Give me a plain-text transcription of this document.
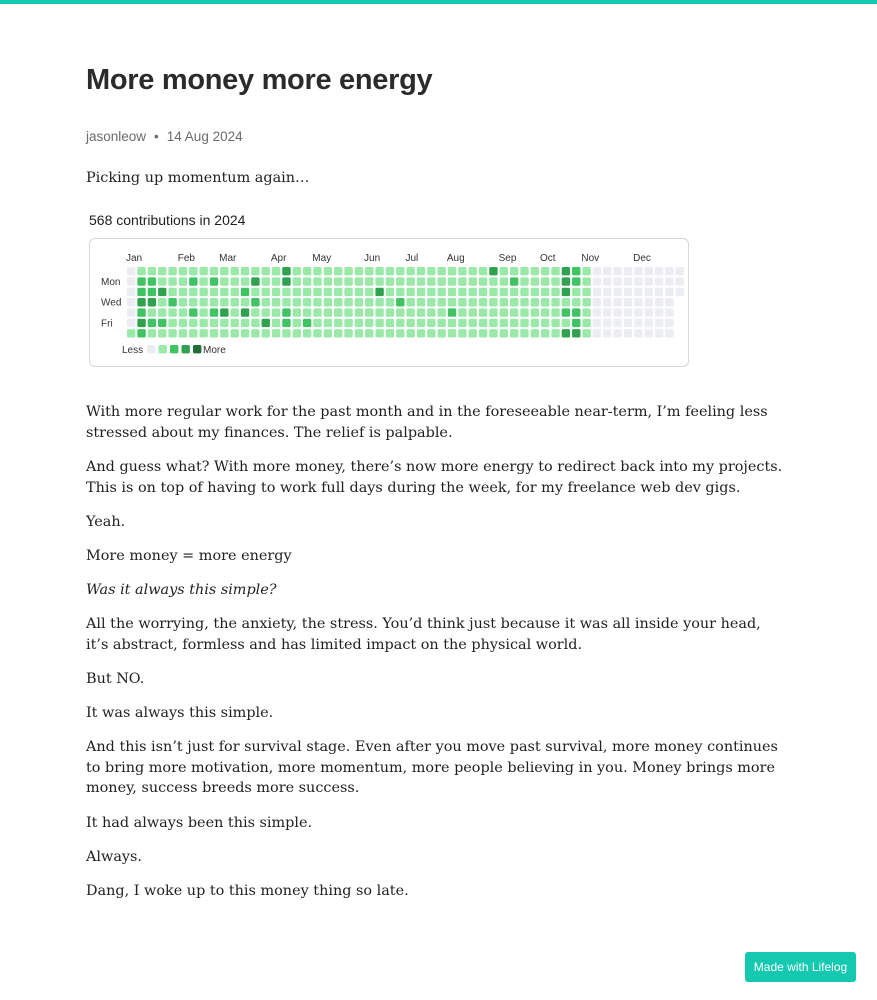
More money more energy
jasonleow • 14 Aug 2024

Picking up momentum again…

568 contributions in 2024
Jan	Feb Mar	Apr	May	Jun	Jul	Aug	Sep Oct	Nov	Dec
Mon
Wed
Fri
Less	More

With more regular work for the past month and in the foreseeable near-term, I’m feeling less stressed about my finances. The relief is palpable.

And guess what? With more money, there’s now more energy to redirect back into my projects. This is on top of having to work full days during the week, for my freelance web dev gigs.

Yeah.

More money = more energy

Was it always this simple?

All the worrying, the anxiety, the stress. You’d think just because it was all inside your head, it’s abstract, formless and has limited impact on the physical world.

But NO.

It was always this simple.

And this isn’t just for survival stage. Even after you move past survival, more money continues to bring more motivation, more momentum, more people believing in you. Money brings more money, success breeds more success.

It had always been this simple.

Always.

Dang, I woke up to this money thing so late.

Made with Lifelog
